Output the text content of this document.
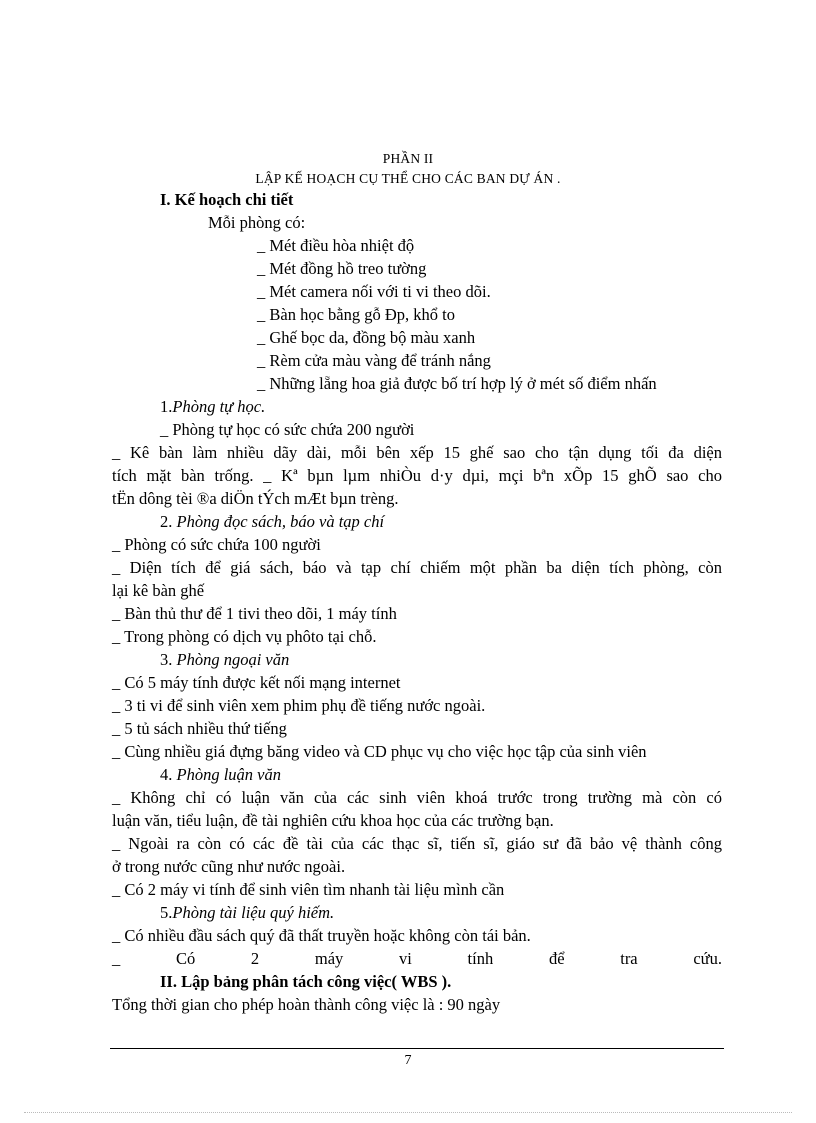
PHẦN II
LẬP KẾ HOẠCH CỤ THỂ CHO CÁC BAN DỰ ÁN .
I. Kế hoạch chi tiết
Mỗi phòng có:
_ Mét điều hòa nhiệt độ
_ Mét đồng hồ treo tường
_ Mét camera nối với ti vi theo dõi.
_ Bàn học bằng gỗ Đp, khổ to
_ Ghế bọc da, đồng bộ màu xanh
_ Rèm cửa màu vàng để tránh nắng
_ Những lẵng hoa giả được bố trí hợp lý ở mét số điểm nhấn
1.Phòng tự học.
_ Phòng tự học có sức chứa 200 người
_ Kê bàn làm nhiều dãy dài, mỗi bên xếp 15 ghế sao cho tận dụng tối đa diện
tích mặt bàn trống. _ Kª bµn lµm nhiÒu d·y dµi, mçi bªn xÕp 15 ghÕ sao cho
tËn dông tèi ®a diÖn tÝch mÆt bµn trèng.
2. Phòng đọc sách, báo và tạp chí
_ Phòng có sức chứa 100 người
_ Diện tích để giá sách, báo và tạp chí chiếm một phần ba diện tích phòng, còn
lại kê bàn ghế
_ Bàn thủ thư để 1 tivi theo dõi, 1 máy tính
_ Trong phòng có dịch vụ phôto tại chỗ.
3. Phòng ngoại văn
_ Có 5 máy tính được kết nối mạng internet
_ 3 ti vi để sinh viên xem phim phụ đề tiếng nước ngoài.
_ 5 tủ sách nhiều thứ tiếng
_ Cùng nhiều giá đựng băng video và CD phục vụ cho việc học tập của sinh viên
4. Phòng luận văn
_ Không chỉ có luận văn của các sinh viên khoá trước trong trường mà còn có
luận văn, tiểu luận, đề tài nghiên cứu khoa học của các trường bạn.
_ Ngoài ra còn có các đề tài của các thạc sĩ, tiến sĩ, giáo sư đã bảo vệ thành công
ở trong nước cũng như nước ngoài.
_ Có 2 máy vi tính để sinh viên tìm nhanh tài liệu mình cần
5.Phòng tài liệu quý hiếm.
_ Có nhiều đầu sách quý đã thất truyền hoặc không còn tái bản.
_ Có 2 máy vi tính để tra cứu.
II. Lập bảng phân tách công việc( WBS ).
Tổng thời gian cho phép hoàn thành công việc là : 90 ngày
7
